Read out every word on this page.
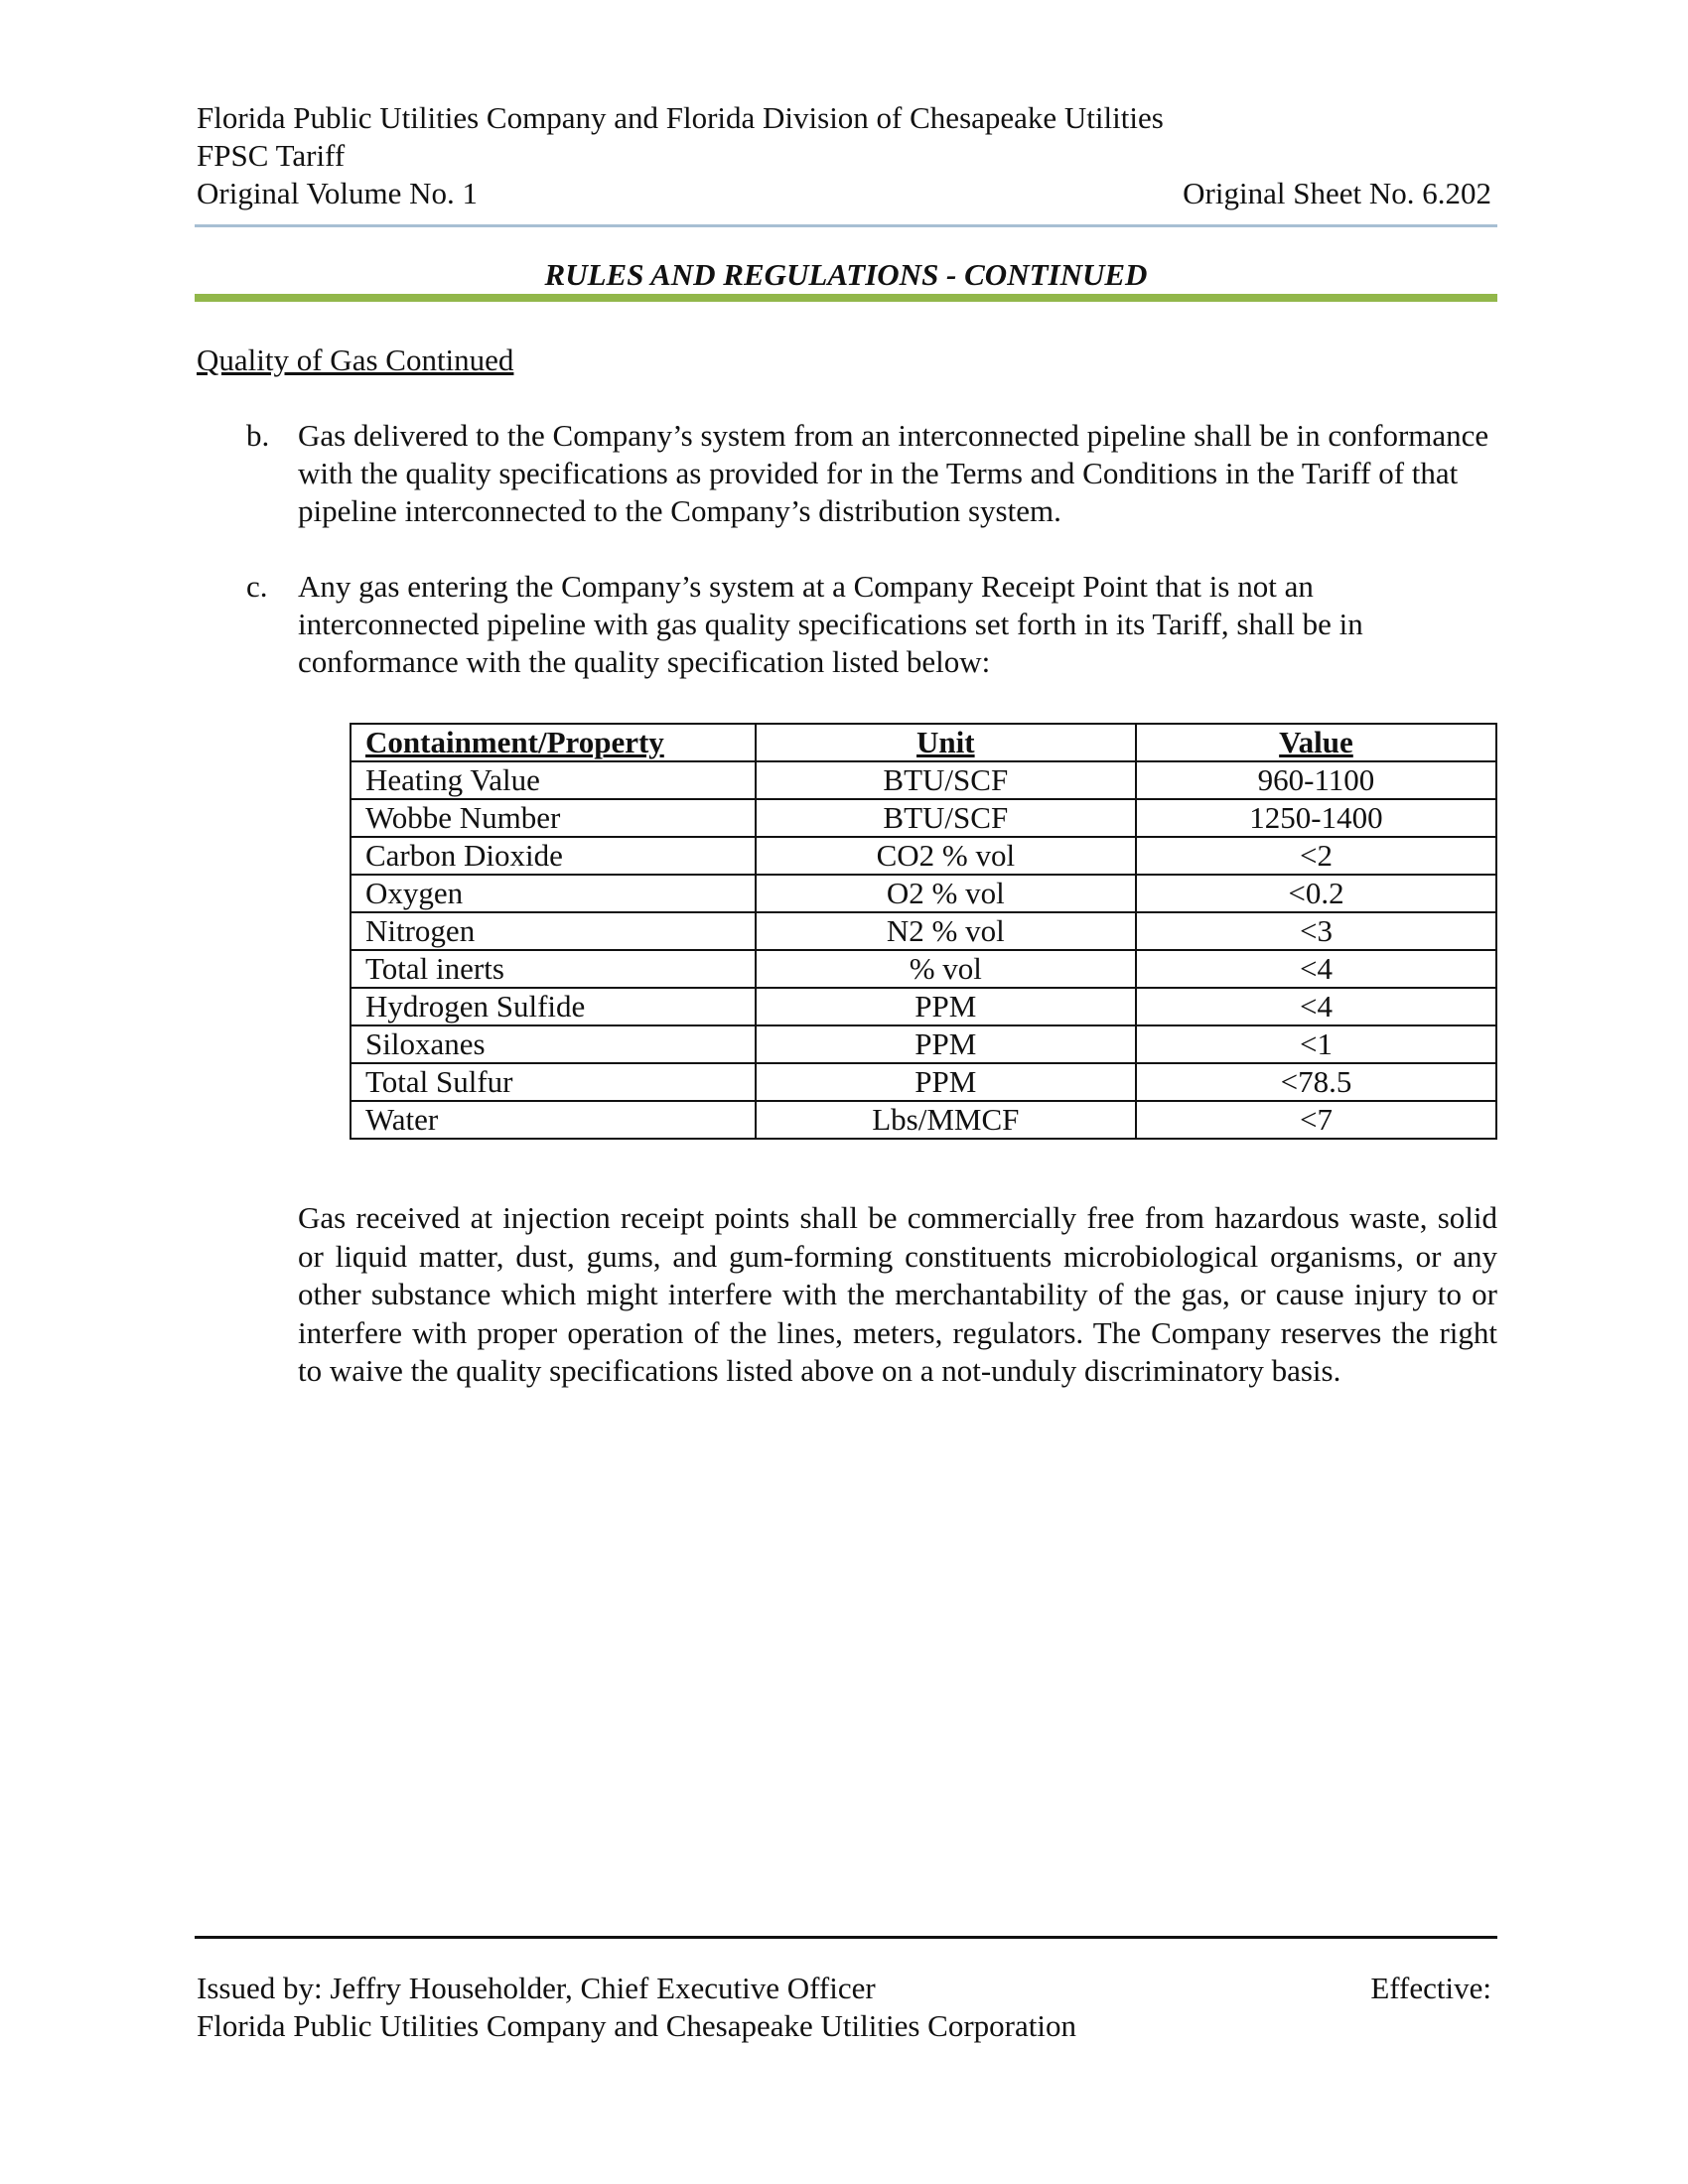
Florida Public Utilities Company and Florida Division of Chesapeake Utilities
FPSC Tariff
Original Volume No. 1	Original Sheet No. 6.202
RULES AND REGULATIONS - CONTINUED
Quality of Gas Continued
b. Gas delivered to the Company’s system from an interconnected pipeline shall be in conformance with the quality specifications as provided for in the Terms and Conditions in the Tariff of that pipeline interconnected to the Company’s distribution system.
c. Any gas entering the Company’s system at a Company Receipt Point that is not an interconnected pipeline with gas quality specifications set forth in its Tariff, shall be in conformance with the quality specification listed below:
Containment/Property	Unit	Value
Heating Value	BTU/SCF	960-1100
Wobbe Number	BTU/SCF	1250-1400
Carbon Dioxide	CO2 % vol	<2
Oxygen	O2 % vol	<0.2
Nitrogen	N2 % vol	<3
Total inerts	% vol	<4
Hydrogen Sulfide	PPM	<4
Siloxanes	PPM	<1
Total Sulfur	PPM	<78.5
Water	Lbs/MMCF	<7
Gas received at injection receipt points shall be commercially free from hazardous waste, solid or liquid matter, dust, gums, and gum-forming constituents microbiological organisms, or any other substance which might interfere with the merchantability of the gas, or cause injury to or interfere with proper operation of the lines, meters, regulators. The Company reserves the right to waive the quality specifications listed above on a not-unduly discriminatory basis.
Issued by: Jeffry Householder, Chief Executive Officer
Florida Public Utilities Company and Chesapeake Utilities Corporation
Effective:
